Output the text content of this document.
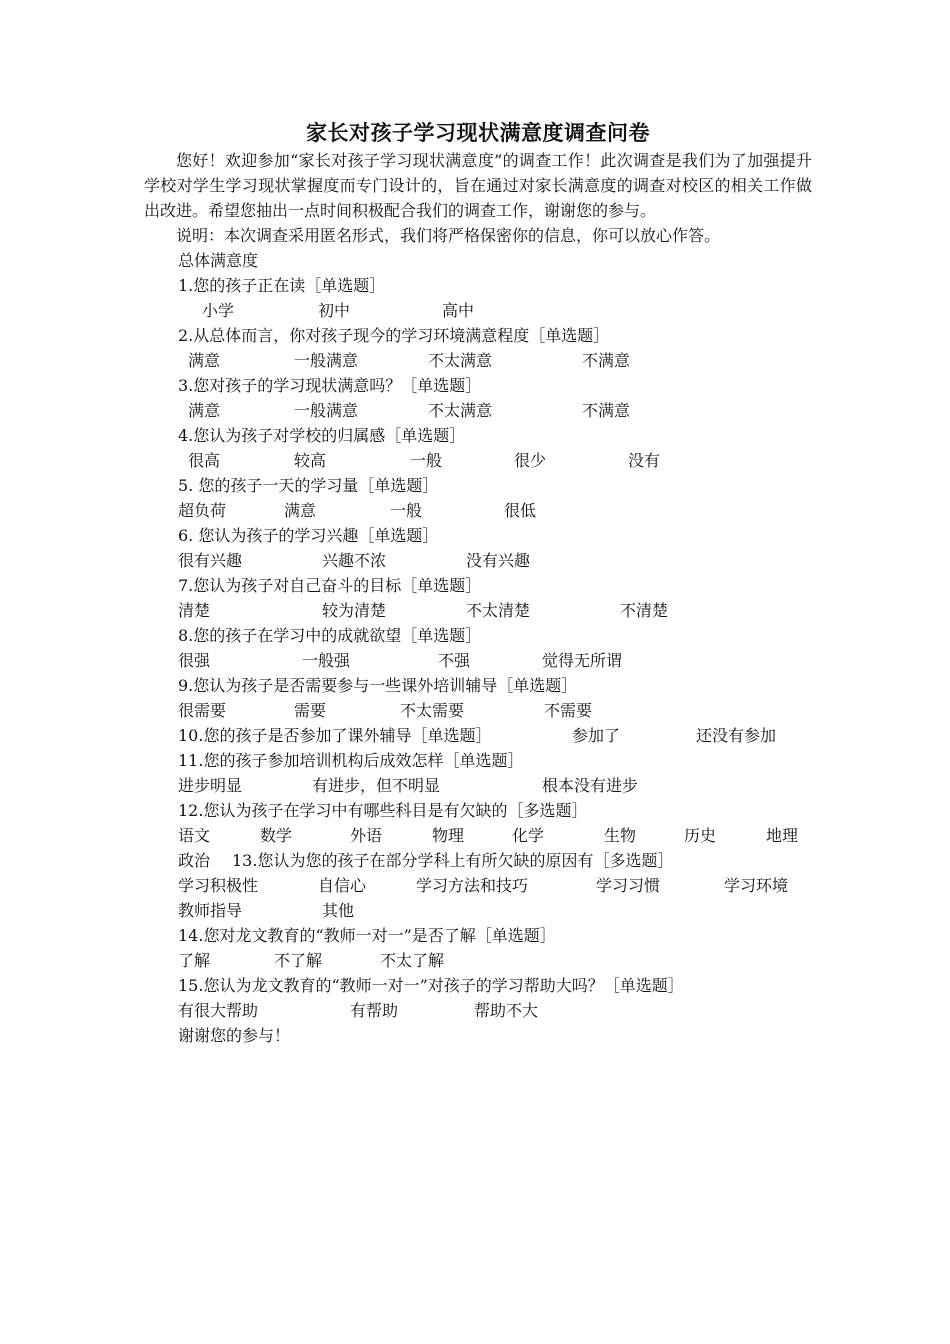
家长对孩子学习现状满意度调查问卷

您好！欢迎参加“家长对孩子学习现状满意度”的调查工作！此次调查是我们为了加强提升学校对学生学习现状掌握度而专门设计的，旨在通过对家长满意度的调查对校区的相关工作做出改进。希望您抽出一点时间积极配合我们的调查工作，谢谢您的参与。

说明：本次调查采用匿名形式，我们将严格保密你的信息，你可以放心作答。

总体满意度
1.您的孩子正在读［单选题］
小学	初中	高中
2.从总体而言，你对孩子现今的学习环境满意程度［单选题］
满意	一般满意	不太满意	不满意
3.您对孩子的学习现状满意吗？［单选题］
满意	一般满意	不太满意	不满意
4.您认为孩子对学校的归属感［单选题］
很高	较高	一般	很少	没有
5. 您的孩子一天的学习量［单选题］
超负荷	满意	一般	很低
6. 您认为孩子的学习兴趣［单选题］
很有兴趣	兴趣不浓	没有兴趣
7.您认为孩子对自己奋斗的目标［单选题］
清楚	较为清楚	不太清楚	不清楚
8.您的孩子在学习中的成就欲望［单选题］
很强	一般强	不强	觉得无所谓
9.您认为孩子是否需要参与一些课外培训辅导［单选题］
很需要	需要	不太需要	不需要
10.您的孩子是否参加了课外辅导［单选题］	参加了	还没有参加
11.您的孩子参加培训机构后成效怎样［单选题］
进步明显	有进步，但不明显	根本没有进步
12.您认为孩子在学习中有哪些科目是有欠缺的［多选题］
语文	数学	外语	物理	化学	生物	历史	地理
政治 13.您认为您的孩子在部分学科上有所欠缺的原因有［多选题］
学习积极性	自信心	学习方法和技巧	学习习惯	学习环境
教师指导	其他
14.您对龙文教育的“教师一对一”是否了解［单选题］
了解	不了解	不太了解
15.您认为龙文教育的“教师一对一”对孩子的学习帮助大吗？［单选题］
有很大帮助	有帮助	帮助不大
谢谢您的参与！
